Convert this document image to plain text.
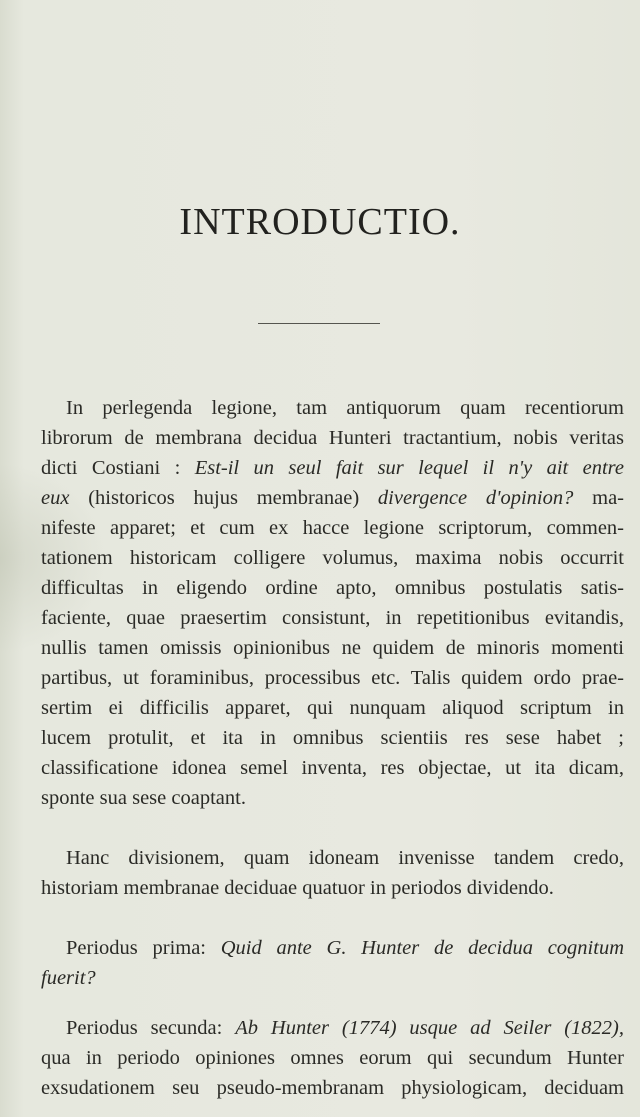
INTRODUCTIO.
In perlegenda legione, tam antiquorum quam recentiorum
librorum de membrana decidua Hunteri tractantium, nobis veritas
dicti Costiani : Est-il un seul fait sur lequel il n'y ait entre
eux (historicos hujus membranae) divergence d'opinion? ma-
nifeste apparet; et cum ex hacce legione scriptorum, commen-
tationem historicam colligere volumus, maxima nobis occurrit
difficultas in eligendo ordine apto, omnibus postulatis satis-
faciente, quae praesertim consistunt, in repetitionibus evitandis,
nullis tamen omissis opinionibus ne quidem de minoris momenti
partibus, ut foraminibus, processibus etc. Talis quidem ordo prae-
sertim ei difficilis apparet, qui nunquam aliquod scriptum in
lucem protulit, et ita in omnibus scientiis res sese habet ;
classificatione idonea semel inventa, res objectae, ut ita dicam,
sponte sua sese coaptant.
Hanc divisionem, quam idoneam invenisse tandem credo,
historiam membranae deciduae quatuor in periodos dividendo.
Periodus prima: Quid ante G. Hunter de decidua cognitum
fuerit?
Periodus secunda: Ab Hunter (1774) usque ad Seiler (1822),
qua in periodo opiniones omnes eorum qui secundum Hunter
exsudationem seu pseudo-membranam physiologicam, deciduam
